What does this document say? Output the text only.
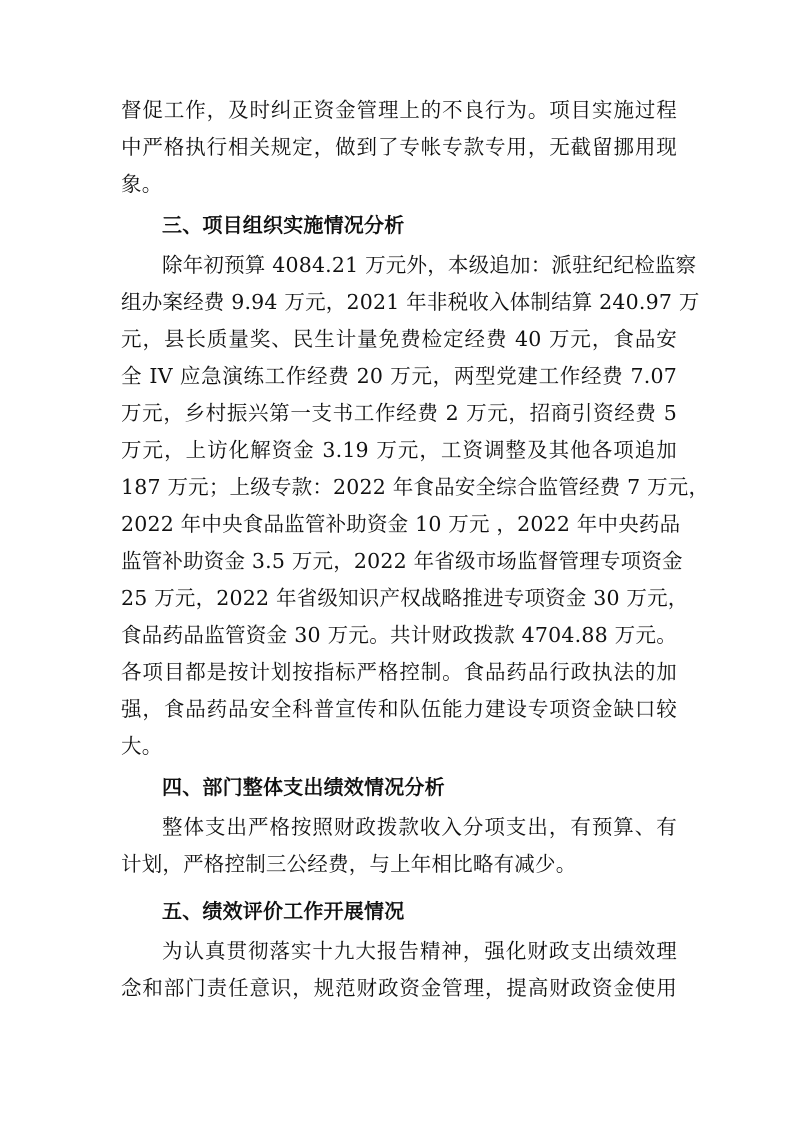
督促工作，及时纠正资金管理上的不良行为。项目实施过程
中严格执行相关规定，做到了专帐专款专用，无截留挪用现
象。
三、项目组织实施情况分析
除年初预算 4084.21 万元外，本级追加：派驻纪纪检监察
组办案经费 9.94 万元，2021 年非税收入体制结算 240.97 万
元，县长质量奖、民生计量免费检定经费 40 万元，食品安
全 IV 应急演练工作经费 20 万元，两型党建工作经费 7.07
万元，乡村振兴第一支书工作经费 2 万元，招商引资经费 5
万元，上访化解资金 3.19 万元，工资调整及其他各项追加
187 万元；上级专款：2022 年食品安全综合监管经费 7 万元，
2022 年中央食品监管补助资金 10 万元 ，2022 年中央药品
监管补助资金 3.5 万元，2022 年省级市场监督管理专项资金
25 万元，2022 年省级知识产权战略推进专项资金 30 万元，
食品药品监管资金 30 万元。共计财政拨款 4704.88 万元。
各项目都是按计划按指标严格控制。食品药品行政执法的加
强，食品药品安全科普宣传和队伍能力建设专项资金缺口较
大。
四、部门整体支出绩效情况分析
整体支出严格按照财政拨款收入分项支出，有预算、有
计划，严格控制三公经费，与上年相比略有减少。
五、绩效评价工作开展情况
为认真贯彻落实十九大报告精神，强化财政支出绩效理
念和部门责任意识，规范财政资金管理，提高财政资金使用
